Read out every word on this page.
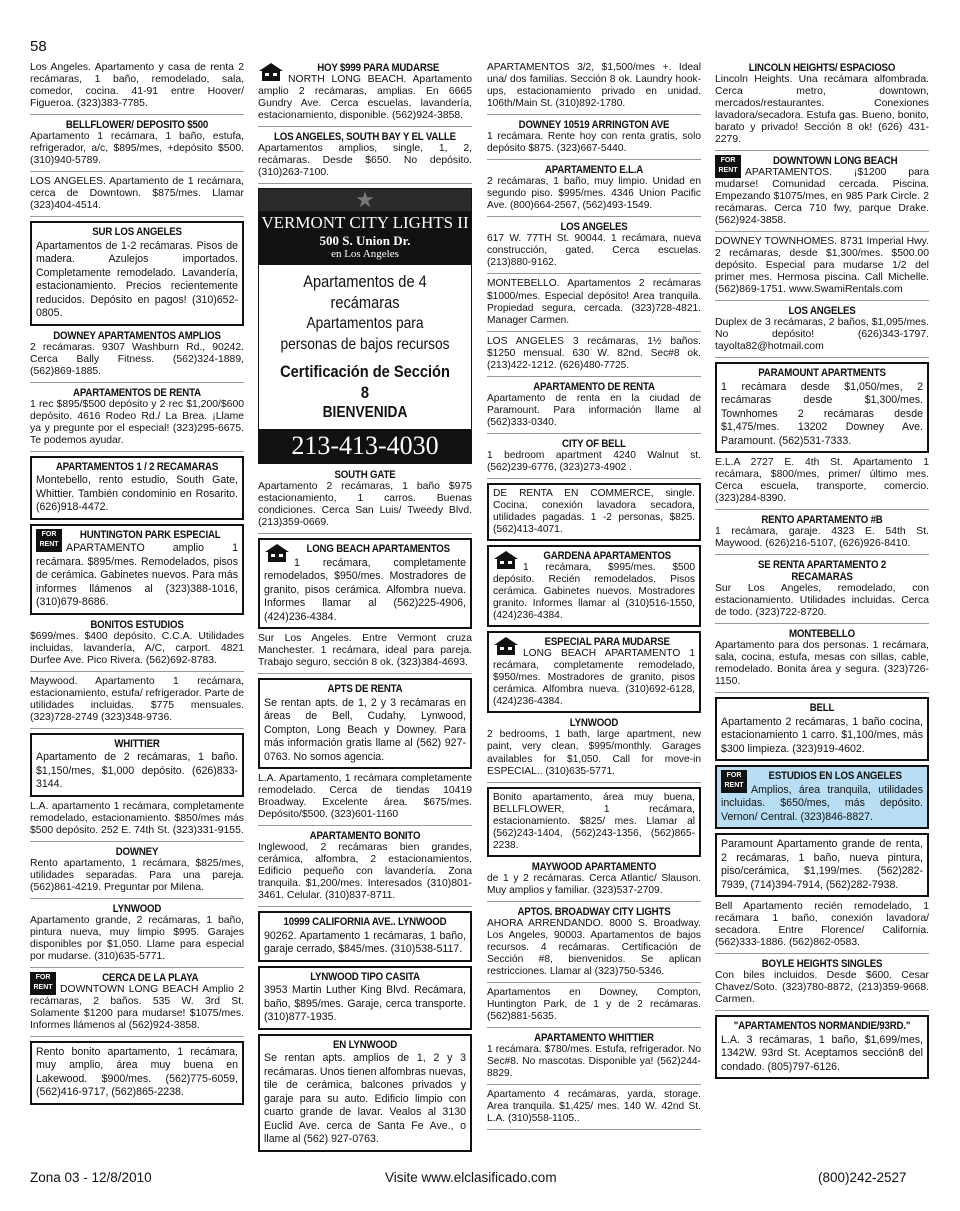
58
Los Angeles. Apartamento y casa de renta 2 recámaras, 1 baño, remodelado, sala, comedor, cocina. 41-91 entre Hoover/ Figueroa. (323)383-7785.
BELLFLOWER/ DEPOSITO $500
Apartamento 1 recámara, 1 baño, estufa, refrigerador, a/c, $895/mes, +depósito $500. (310)940-5789.
LOS ANGELES. Apartamento de 1 recámara, cerca de Downtown. $875/mes. Llamar (323)404-4514.
SUR LOS ANGELES
Apartamentos de 1-2 recámaras. Pisos de madera. Azulejos importados. Completamente remodelado. Lavandería, estacionamiento. Precios recientemente reducidos. Depósito en pagos! (310)652-0805.
DOWNEY APARTAMENTOS AMPLIOS
2 recámaras. 9307 Washburn Rd., 90242. Cerca Bally Fitness. (562)324-1889, (562)869-1885.
APARTAMENTOS DE RENTA
1 rec $895/$500 depósito y 2 rec $1,200/$600 depósito. 4616 Rodeo Rd./ La Brea. ¡Llame ya y pregunte por el especial! (323)295-6675. Te podemos ayudar.
APARTAMENTOS 1 / 2 RECAMARAS
Montebello, rento estudio, South Gate, Whittier. También condominio en Rosarito. (626)918-4472.
FOR RENT
HUNTINGTON PARK ESPECIAL
APARTAMENTO amplio 1 recámara. $895/mes. Remodelados, pisos de cerámica. Gabinetes nuevos. Para más informes llámenos al (323)388-1016, (310)679-8686.
BONITOS ESTUDIOS
$699/mes. $400 depósito. C.C.A. Utilidades incluidas, lavandería, A/C, carport. 4821 Durfee Ave. Pico Rivera. (562)692-8783.
Maywood. Apartamento 1 recámara, estacionamiento, estufa/ refrigerador. Parte de utilidades incluidas. $775 mensuales. (323)728-2749 (323)348-9736.
WHITTIER
Apartamento de 2 recámaras, 1 baño. $1,150/mes, $1,000 depósito. (626)833-3144.
L.A. apartamento 1 recámara, completamente remodelado, estacionamiento. $850/mes más $500 depósito. 252 E. 74th St. (323)331-9155.
DOWNEY
Rento apartamento, 1 recámara, $825/mes, utilidades separadas. Para una pareja. (562)861-4219. Preguntar por Milena.
LYNWOOD
Apartamento grande, 2 recámaras, 1 baño, pintura nueva, muy limpio $995. Garajes disponibles por $1,050. Llame para especial por mudarse. (310)635-5771.
FOR RENT
CERCA DE LA PLAYA
DOWNTOWN LONG BEACH Amplio 2 recámaras, 2 baños. 535 W. 3rd St. Solamente $1200 para mudarse! $1075/mes. Informes llámenos al (562)924-3858.
Rento bonito apartamento, 1 recámara, muy amplio, área muy buena en Lakewood. $900/mes. (562)775-6059, (562)416-9717, (562)865-2238.
HOY $999 PARA MUDARSE
NORTH LONG BEACH. Apartamento amplio 2 recámaras, amplias. En 6665 Gundry Ave. Cerca escuelas, lavandería, estacionamiento, disponible. (562)924-3858.
LOS ANGELES, SOUTH BAY Y EL VALLE
Apartamentos amplios, single, 1, 2, recámaras. Desde $650. No depósito. (310)263-7100.
★
VERMONT CITY LIGHTS II
500 S. Union Dr.
en Los Angeles
Apartamentos de 4 recámaras
Apartamentos para personas de bajos recursos
Certificación de Sección 8
BIENVENIDA
213-413-4030
SOUTH GATE
Apartamento 2 recámaras, 1 baño $975 estacionamiento, 1 carros. Buenas condiciones. Cerca San Luis/ Tweedy Blvd. (213)359-0669.
LONG BEACH APARTAMENTOS
1 recámara, completamente remodelados, $950/mes. Mostradores de granito, pisos cerámica. Alfombra nueva. Informes llamar al (562)225-4906, (424)236-4384.
Sur Los Angeles. Entre Vermont cruza Manchester. 1 recámara, ideal para pareja. Trabajo seguro, sección 8 ok. (323)384-4693.
APTS DE RENTA
Se rentan apts. de 1, 2 y 3 recámaras en áreas de Bell, Cudahy, Lynwood, Compton, Long Beach y Downey. Para más información gratis llame al (562) 927-0763. No somos agencia.
L.A. Apartamento, 1 recámara completamente remodelado. Cerca de tiendas 10419 Broadway. Excelente área. $675/mes. Depósito/$500. (323)601-1160
APARTAMENTO BONITO
Inglewood, 2 recámaras bien grandes, cerámica, alfombra, 2 estacionamientos. Edificio pequeño con lavandería. Zona tranquila. $1,200/mes. Interesados (310)801-3461. Celular. (310)837-8711.
10999 CALIFORNIA AVE.. LYNWOOD
90262. Apartamento 1 recámaras, 1 baño, garaje cerrado, $845/mes. (310)538-5117.
LYNWOOD TIPO CASITA
3953 Martin Luther King Blvd. Recámara, baño, $895/mes. Garaje, cerca transporte. (310)877-1935.
EN LYNWOOD
Se rentan apts. amplios de 1, 2 y 3 recámaras. Unos tienen alfombras nuevas, tile de cerámica, balcones privados y garaje para su auto. Edificio limpio con cuarto grande de lavar. Vealos al 3130 Euclid Ave. cerca de Santa Fe Ave., o llame al (562) 927-0763.
APARTAMENTOS 3/2, $1,500/mes +. Ideal una/ dos familias. Sección 8 ok. Laundry hook-ups, estacionamiento privado en unidad. 106th/Main St. (310)892-1780.
DOWNEY 10519 ARRINGTON AVE
1 recámara. Rente hoy con renta gratis, solo depósito $875. (323)667-5440.
APARTAMENTO E.L.A
2 recámaras, 1 baño, muy limpio. Unidad en segundo piso. $995/mes. 4346 Union Pacific Ave. (800)664-2567, (562)493-1549.
LOS ANGELES
617 W. 77TH St. 90044. 1 recámara, nueva construcción, gated. Cerca escuelas. (213)880-9162.
MONTEBELLO. Apartamentos 2 recámaras $1000/mes. Especial depósito! Area tranquila. Propiedad segura, cercada. (323)728-4821. Manager Carmen.
LOS ANGELES 3 recámaras, 1½ baños. $1250 mensual. 630 W. 82nd. Sec#8 ok. (213)422-1212. (626)480-7725.
APARTAMENTO DE RENTA
Apartamento de renta en la ciudad de Paramount. Para información llame al (562)333-0340.
CITY OF BELL
1 bedroom apartment 4240 Walnut st. (562)239-6776, (323)273-4902 .
DE RENTA EN COMMERCE, single. Cocina, conexión lavadora secadora, utilidades pagadas. 1 -2 personas, $825. (562)413-4071.
GARDENA APARTAMENTOS
1 recámara, $995/mes. $500 depósito. Recién remodelados. Pisos cerámica. Gabinetes nuevos. Mostradores granito. Informes llamar al (310)516-1550, (424)236-4384.
ESPECIAL PARA MUDARSE
LONG BEACH APARTAMENTO 1 recámara, completamente remodelado, $950/mes. Mostradores de granito, pisos cerámica. Alfombra nueva. (310)692-6128, (424)236-4384.
LYNWOOD
2 bedrooms, 1 bath, large apartment, new paint, very clean, $995/monthly. Garages availables for $1,050. Call for move-in ESPECIAL.. (310)635-5771.
Bonito apartamento, área muy buena, BELLFLOWER, 1 recámara, estacionamiento. $825/ mes. Llamar al (562)243-1404, (562)243-1356, (562)865-2238.
MAYWOOD APARTAMENTO
de 1 y 2 recámaras. Cerca Atlantic/ Slauson. Muy amplios y familiar. (323)537-2709.
APTOS. BROADWAY CITY LIGHTS
AHORA ARRENDANDO. 8000 S. Broadway. Los Angeles, 90003. Apartamentos de bajos recursos. 4 recámaras. Certificación de Sección #8, bienvenidos. Se aplican restricciones. Llamar al (323)750-5346.
Apartamentos en Downey, Compton, Huntington Park, de 1 y de 2 recámaras. (562)881-5635.
APARTAMENTO WHITTIER
1 recámara. $780/mes. Estufa, refrigerador. No Sec#8. No mascotas. Disponible ya! (562)244-8829.
Apartamento 4 recámaras, yarda, storage. Area tranquila. $1,425/ mes. 140 W. 42nd St. L.A. (310)558-1105..
LINCOLN HEIGHTS/ ESPACIOSO
Lincoln Heights. Una recámara alfombrada. Cerca metro, downtown, mercados/restaurantes. Conexiones lavadora/secadora. Estufa gas. Bueno, bonito, barato y privado! Sección 8 ok! (626) 431-2279.
FOR RENT
DOWNTOWN LONG BEACH
APARTAMENTOS. ¡$1200 para mudarse! Comunidad cercada. Piscina. Empezando $1075/mes, en 985 Park Circle. 2 recámaras. Cerca 710 fwy, parque Drake. (562)924-3858.
DOWNEY TOWNHOMES. 8731 Imperial Hwy. 2 recámaras, desde $1,300/mes. $500.00 depósito. Especial para mudarse 1/2 del primer mes. Hermosa piscina. Call Michelle. (562)869-1751. www.SwamiRentals.com
LOS ANGELES
Duplex de 3 recámaras, 2 baños, $1,095/mes. No depósito! (626)343-1797. tayolta82@hotmail.com
PARAMOUNT APARTMENTS
1 recámara desde $1,050/mes, 2 recámaras desde $1,300/mes. Townhomes 2 recámaras desde $1,475/mes. 13202 Downey Ave. Paramount. (562)531-7333.
E.L.A 2727 E. 4th St. Apartamento 1 recámara, $800/mes, primer/ último mes. Cerca escuela, transporte, comercio. (323)284-8390.
RENTO APARTAMENTO #B
1 recámara, garaje. 4323 E. 54th St. Maywood. (626)216-5107, (626)926-8410.
SE RENTA APARTAMENTO 2 RECAMARAS
Sur Los Angeles, remodelado, con estacionamiento. Utilidades incluidas. Cerca de todo. (323)722-8720.
MONTEBELLO
Apartamento para dos personas. 1 recámara, sala, cocina, estufa, mesas con sillas, cable, remodelado. Bonita área y segura. (323)726-1150.
BELL
Apartamento 2 recámaras, 1 baño cocina, estacionamiento 1 carro. $1,100/mes, más $300 limpieza. (323)919-4602.
FOR RENT
ESTUDIOS EN LOS ANGELES
Amplios, área tranquila, utilidades incluidas. $650/mes, más depósito. Vernon/ Central. (323)846-8827.
Paramount Apartamento grande de renta, 2 recámaras, 1 baño, nueva pintura, piso/cerámica, $1,199/mes. (562)282-7939, (714)394-7914, (562)282-7938.
Bell Apartamento recién remodelado, 1 recámara 1 baño, conexión lavadora/ secadora. Entre Florence/ California. (562)333-1886. (562)862-0583.
BOYLE HEIGHTS SINGLES
Con biles incluidos. Desde $600. Cesar Chavez/Soto. (323)780-8872, (213)359-9668. Carmen.
"APARTAMENTOS NORMANDIE/93RD."
L.A. 3 recámaras, 1 baño, $1,699/mes, 1342W. 93rd St. Aceptamos sección8 del condado. (805)797-6126.
Zona 03 - 12/8/2010	Visite www.elclasificado.com	(800)242-2527
